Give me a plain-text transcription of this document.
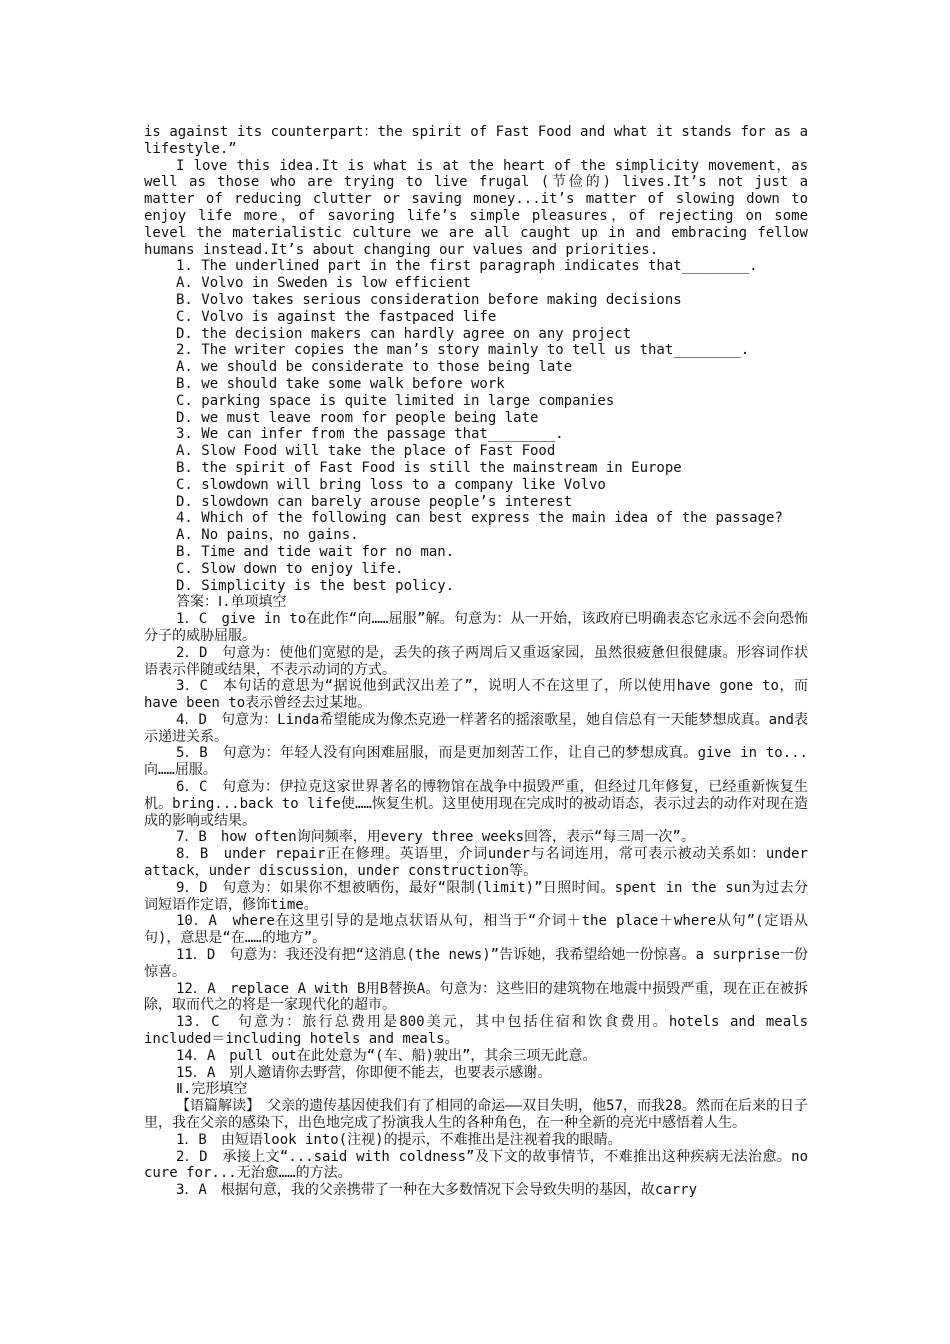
is against its counterpart：the spirit of Fast Food and what it stands for as a lifestyle.”

I love this idea.It is what is at the heart of the simplicity movement，as well as those who are trying to live frugal (节俭的) lives.It’s not just a matter of reducing clutter or saving money...it’s matter of slowing down to enjoy life more，of savoring life’s simple pleasures，of rejecting on some level the materialistic culture we are all caught up in and embracing fellow humans instead.It’s about changing our values and priorities.

1. The underlined part in the first paragraph indicates that________.

A. Volvo in Sweden is low efficient

B. Volvo takes serious consideration before making decisions

C. Volvo is against the fastpaced life

D. the decision makers can hardly agree on any project

2. The writer copies the man’s story mainly to tell us that________.

A. we should be considerate to those being late

B. we should take some walk before work

C. parking space is quite limited in large companies

D. we must leave room for people being late

3. We can infer from the passage that________.

A. Slow Food will take the place of Fast Food

B. the spirit of Fast Food is still the mainstream in Europe

C. slowdown will bring loss to a company like Volvo

D. slowdown can barely arouse people’s interest

4. Which of the following can best express the main idea of the passage?

A. No pains，no gains.

B. Time and tide wait for no man.

C. Slow down to enjoy life.

D. Simplicity is the best policy.

答案：Ⅰ.单项填空

1．C　give in to在此作“向……屈服”解。句意为：从一开始，该政府已明确表态它永远不会向恐怖分子的威胁屈服。

2．D　句意为：使他们宽慰的是，丢失的孩子两周后又重返家园，虽然很疲惫但很健康。形容词作状语表示伴随或结果，不表示动词的方式。

3．C　本句话的意思为“据说他到武汉出差了”，说明人不在这里了，所以使用have gone to，而have been to表示曾经去过某地。

4．D　句意为：Linda希望能成为像杰克逊一样著名的摇滚歌星，她自信总有一天能梦想成真。and表示递进关系。

5．B　句意为：年轻人没有向困难屈服，而是更加刻苦工作，让自己的梦想成真。give in to...向……屈服。

6．C　句意为：伊拉克这家世界著名的博物馆在战争中损毁严重，但经过几年修复，已经重新恢复生机。bring...back to life使……恢复生机。这里使用现在完成时的被动语态，表示过去的动作对现在造成的影响或结果。

7．B　how often询问频率，用every three weeks回答，表示“每三周一次”。

8．B　under repair正在修理。英语里，介词under与名词连用，常可表示被动关系如：under attack，under discussion，under construction等。

9．D　句意为：如果你不想被晒伤，最好“限制(limit)”日照时间。spent in the sun为过去分词短语作定语，修饰time。

10．A　where在这里引导的是地点状语从句，相当于“介词＋the place＋where从句”(定语从句)，意思是“在……的地方”。

11．D　句意为：我还没有把“这消息(the news)”告诉她，我希望给她一份惊喜。a surprise一份惊喜。

12．A　replace A with B用B替换A。句意为：这些旧的建筑物在地震中损毁严重，现在正在被拆除，取而代之的将是一家现代化的超市。

13．C　句意为：旅行总费用是800美元，其中包括住宿和饮食费用。hotels and meals included＝including hotels and meals。

14．A　pull out在此处意为“(车、船)驶出”，其余三项无此意。

15．A　别人邀请你去野营，你即便不能去，也要表示感谢。

Ⅱ.完形填空

【语篇解读】　父亲的遗传基因使我们有了相同的命运——双目失明，他57，而我28。然而在后来的日子里，我在父亲的感染下，出色地完成了扮演我人生的各种角色，在一种全新的亮光中感悟着人生。

1．B　由短语look into(注视)的提示，不难推出是注视着我的眼睛。

2．D　承接上文“...said with coldness”及下文的故事情节，不难推出这种疾病无法治愈。no cure for...无治愈……的方法。

3．A　根据句意，我的父亲携带了一种在大多数情况下会导致失明的基因，故carry
